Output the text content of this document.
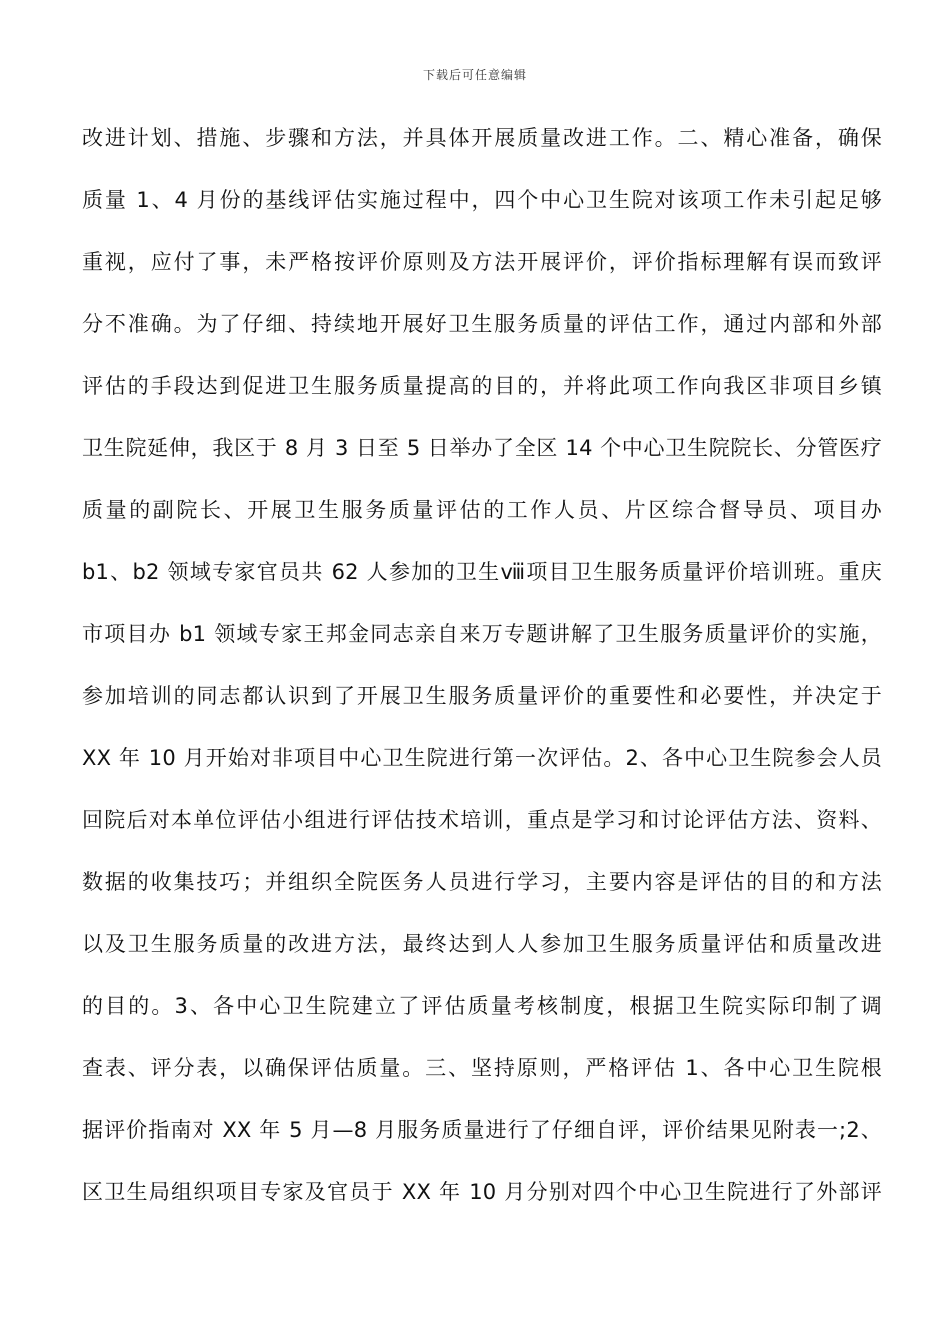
下载后可任意编辑
改进计划、措施、步骤和方法，并具体开展质量改进工作。二、精心准备，确保
质量 1、4 月份的基线评估实施过程中，四个中心卫生院对该项工作未引起足够
重视，应付了事，未严格按评价原则及方法开展评价，评价指标理解有误而致评
分不准确。为了仔细、持续地开展好卫生服务质量的评估工作，通过内部和外部
评估的手段达到促进卫生服务质量提高的目的，并将此项工作向我区非项目乡镇
卫生院延伸，我区于 8 月 3 日至 5 日举办了全区 14 个中心卫生院院长、分管医疗
质量的副院长、开展卫生服务质量评估的工作人员、片区综合督导员、项目办
b1、b2 领域专家官员共 62 人参加的卫生ⅷ项目卫生服务质量评价培训班。重庆
市项目办 b1 领域专家王邦金同志亲自来万专题讲解了卫生服务质量评价的实施，
参加培训的同志都认识到了开展卫生服务质量评价的重要性和必要性，并决定于
XX 年 10 月开始对非项目中心卫生院进行第一次评估。2、各中心卫生院参会人员
回院后对本单位评估小组进行评估技术培训，重点是学习和讨论评估方法、资料、
数据的收集技巧；并组织全院医务人员进行学习，主要内容是评估的目的和方法
以及卫生服务质量的改进方法，最终达到人人参加卫生服务质量评估和质量改进
的目的。3、各中心卫生院建立了评估质量考核制度，根据卫生院实际印制了调
查表、评分表，以确保评估质量。三、坚持原则，严格评估 1、各中心卫生院根
据评价指南对 XX 年 5 月—8 月服务质量进行了仔细自评，评价结果见附表一;2、
区卫生局组织项目专家及官员于 XX 年 10 月分别对四个中心卫生院进行了外部评
